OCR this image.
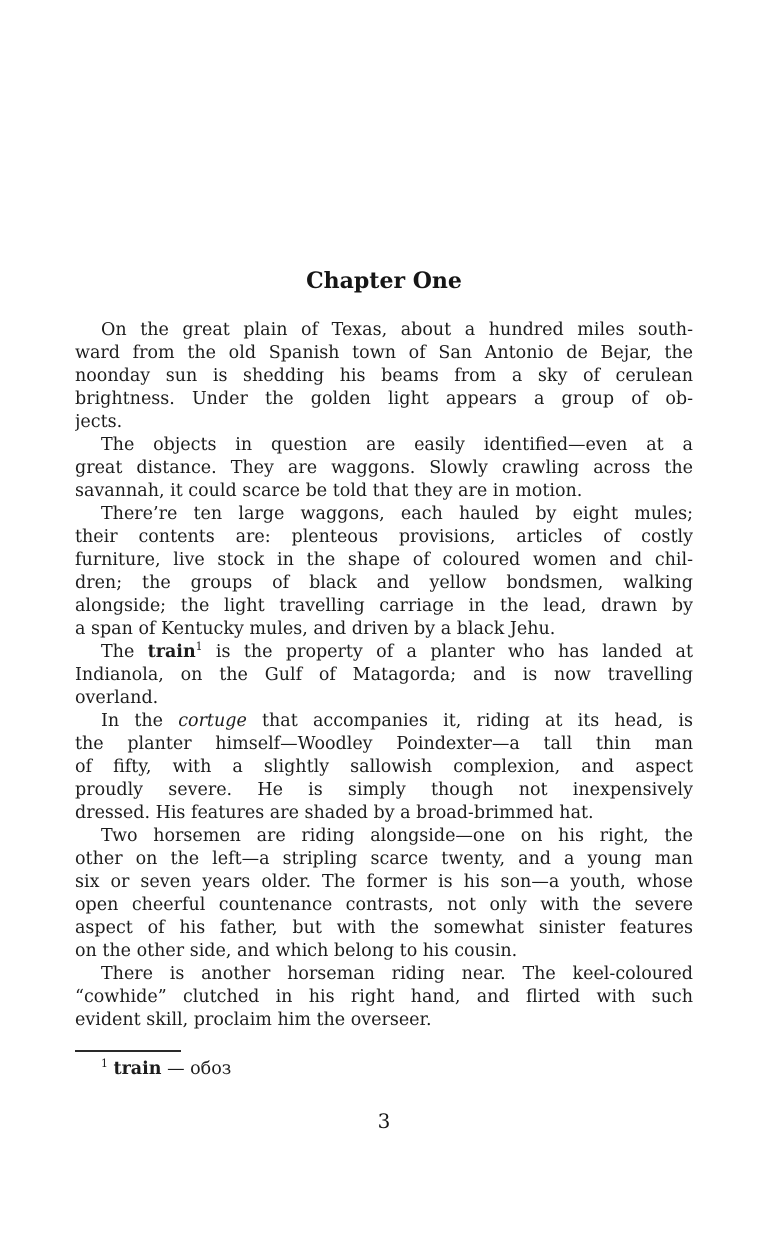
Chapter One
On the great plain of Texas, about a hundred miles south-
ward from the old Spanish town of San Antonio de Bejar, the
noonday sun is shedding his beams from a sky of cerulean
brightness. Under the golden light appears a group of ob-
jects.
The objects in question are easily identified—even at a
great distance. They are waggons. Slowly crawling across the
savannah, it could scarce be told that they are in motion.
There’re ten large waggons, each hauled by eight mules;
their contents are: plenteous provisions, articles of costly
furniture, live stock in the shape of coloured women and chil-
dren; the groups of black and yellow bondsmen, walking
alongside; the light travelling carriage in the lead, drawn by
a span of Kentucky mules, and driven by a black Jehu.
The train$^1$ is the property of a planter who has landed at
Indianola, on the Gulf of Matagorda; and is now travelling
overland.
In the cortuge that accompanies it, riding at its head, is
the planter himself—Woodley Poindexter—a tall thin man
of fifty, with a slightly sallowish complexion, and aspect
proudly severe. He is simply though not inexpensively
dressed. His features are shaded by a broad-brimmed hat.
Two horsemen are riding alongside—one on his right, the
other on the left—a stripling scarce twenty, and a young man
six or seven years older. The former is his son—a youth, whose
open cheerful countenance contrasts, not only with the severe
aspect of his father, but with the somewhat sinister features
on the other side, and which belong to his cousin.
There is another horseman riding near. The keel-coloured
“cowhide” clutched in his right hand, and flirted with such
evident skill, proclaim him the overseer.
$^1$ train — обоз
3
